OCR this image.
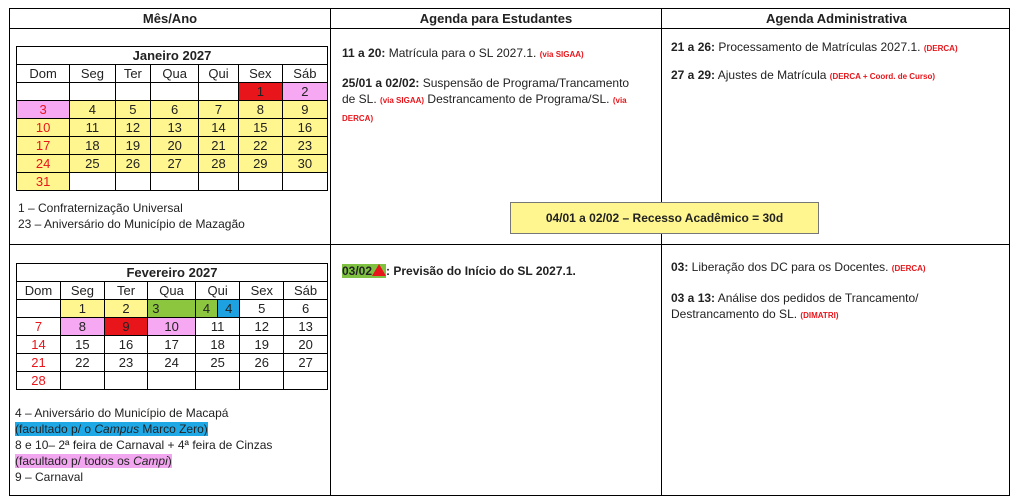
Mês/Ano	Agenda para Estudantes	Agenda Administrativa
Janeiro 2027						
Dom	Seg	Ter	Qua	Qui	Sex	Sáb
					1	2
3	4	5	6	7	8	9
10	11	12	13	14	15	16
17	18	19	20	21	22	23
24	25	26	27	28	29	30
31						
1 – Confraternização Universal
23 – Aniversário do Município de Mazagão
Fevereiro 2027							
Dom	Seg	Ter	Qua	Qui		Sex	Sáb
	1	2	3	4	4	5	6
7	8	9	10	11		12	13
14	15	16	17	18		19	20
21	22	23	24	25		26	27
28							
4 – Aniversário do Município de Macapá
(facultado p/ o Campus Marco Zero)
8 e 10– 2ª feira de Carnaval + 4ª feira de Cinzas
(facultado p/ todos os Campi)
9 – Carnaval
11 a 20: Matrícula para o SL 2027.1. (via SIGAA)
25/01 a 02/02: Suspensão de Programa/Trancamento
de SL. (via SIGAA) Destrancamento de Programa/SL. (via
DERCA)
03/02 : Previsão do Início do SL 2027.1.
21 a 26: Processamento de Matrículas 2027.1. (DERCA)
27 a 29: Ajustes de Matrícula (DERCA + Coord. de Curso)
03: Liberação dos DC para os Docentes. (DERCA)
03 a 13: Análise dos pedidos de Trancamento/
Destrancamento do SL. (DIMATRI)
04/01 a 02/02 – Recesso Acadêmico = 30d
